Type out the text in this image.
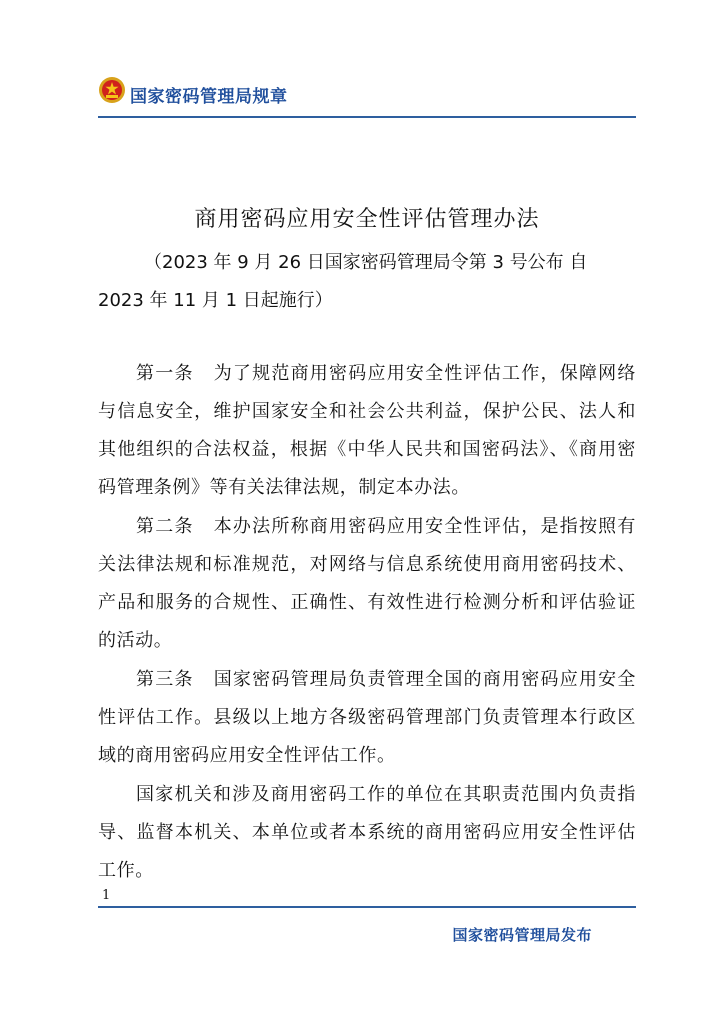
国家密码管理局规章
商用密码应用安全性评估管理办法
（2023 年 9 月 26 日国家密码管理局令第 3 号公布 自
2023 年 11 月 1 日起施行）

第一条 为了规范商用密码应用安全性评估工作，保障网络与信息安全，维护国家安全和社会公共利益，保护公民、法人和其他组织的合法权益，根据《中华人民共和国密码法》、《商用密码管理条例》等有关法律法规，制定本办法。

第二条 本办法所称商用密码应用安全性评估，是指按照有关法律法规和标准规范，对网络与信息系统使用商用密码技术、产品和服务的合规性、正确性、有效性进行检测分析和评估验证的活动。

第三条 国家密码管理局负责管理全国的商用密码应用安全性评估工作。县级以上地方各级密码管理部门负责管理本行政区域的商用密码应用安全性评估工作。

国家机关和涉及商用密码工作的单位在其职责范围内负责指导、监督本机关、本单位或者本系统的商用密码应用安全性评估工作。

1
国家密码管理局发布
